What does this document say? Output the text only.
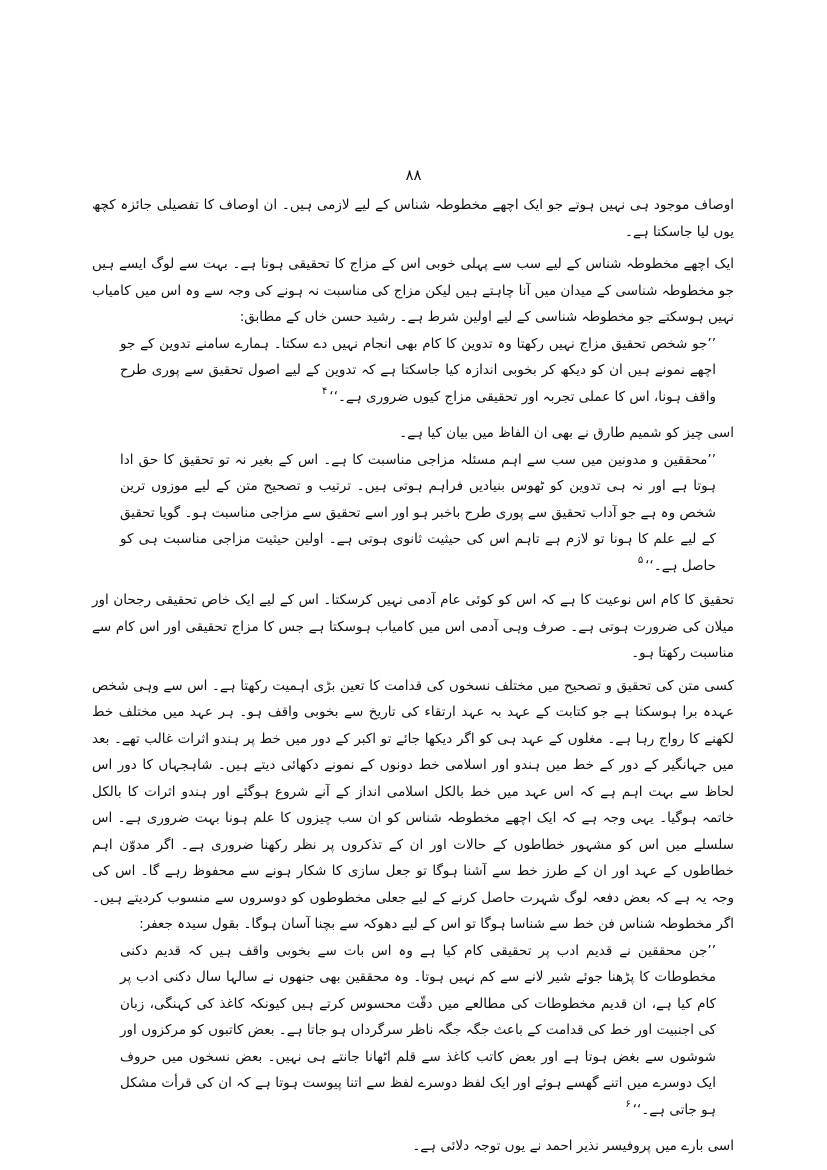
۸۸

اوصاف موجود ہی نہیں ہوتے جو ایک اچھے مخطوطہ شناس کے لیے لازمی ہیں۔ ان اوصاف کا تفصیلی جائزہ کچھ یوں لیا جاسکتا ہے۔

ایک اچھے مخطوطہ شناس کے لیے سب سے پہلی خوبی اس کے مزاج کا تحقیقی ہونا ہے۔ بہت سے لوگ ایسے ہیں جو مخطوطہ شناسی کے میدان میں آنا چاہتے ہیں لیکن مزاج کی مناسبت نہ ہونے کی وجہ سے وہ اس میں کامیاب نہیں ہوسکتے جو مخطوطہ شناسی کے لیے اولین شرط ہے۔ رشید حسن خاں کے مطابق:

’’جو شخص تحقیق مزاج نہیں رکھتا وہ تدوین کا کام بھی انجام نہیں دے سکتا۔ ہمارے سامنے تدوین کے جو اچھے نمونے ہیں ان کو دیکھ کر بخوبی اندازہ کیا جاسکتا ہے کہ تدوین کے لیے اصول تحقیق سے پوری طرح واقف ہونا، اس کا عملی تجربہ اور تحقیقی مزاج کیوں ضروری ہے۔‘‘$^۴$

اسی چیز کو شمیم طارق نے بھی ان الفاظ میں بیان کیا ہے۔

’’محققین و مدونین میں سب سے اہم مسئلہ مزاجی مناسبت کا ہے۔ اس کے بغیر نہ تو تحقیق کا حق ادا ہوتا ہے اور نہ ہی تدوین کو ٹھوس بنیادیں فراہم ہوتی ہیں۔ ترتیب و تصحیح متن کے لیے موزوں ترین شخص وہ ہے جو آداب تحقیق سے پوری طرح باخبر ہو اور اسے تحقیق سے مزاجی مناسبت ہو۔ گویا تحقیق کے لیے علم کا ہونا تو لازم ہے تاہم اس کی حیثیت ثانوی ہوتی ہے۔ اولین حیثیت مزاجی مناسبت ہی کو حاصل ہے۔‘‘$^۵$

تحقیق کا کام اس نوعیت کا ہے کہ اس کو کوئی عام آدمی نہیں کرسکتا۔ اس کے لیے ایک خاص تحقیقی رجحان اور میلان کی ضرورت ہوتی ہے۔ صرف وہی آدمی اس میں کامیاب ہوسکتا ہے جس کا مزاج تحقیقی اور اس کام سے مناسبت رکھتا ہو۔

کسی متن کی تحقیق و تصحیح میں مختلف نسخوں کی قدامت کا تعین بڑی اہمیت رکھتا ہے۔ اس سے وہی شخص عہدہ برا ہوسکتا ہے جو کتابت کے عہد بہ عہد ارتقاء کی تاریخ سے بخوبی واقف ہو۔ ہر عہد میں مختلف خط لکھنے کا رواج رہا ہے۔ مغلوں کے عہد ہی کو اگر دیکھا جائے تو اکبر کے دور میں خط پر ہندو اثرات غالب تھے۔ بعد میں جہانگیر کے دور کے خط میں ہندو اور اسلامی خط دونوں کے نمونے دکھائی دیتے ہیں۔ شاہجہاں کا دور اس لحاظ سے بہت اہم ہے کہ اس عہد میں خط بالکل اسلامی انداز کے آنے شروع ہوگئے اور ہندو اثرات کا بالکل خاتمہ ہوگیا۔ یہی وجہ ہے کہ ایک اچھے مخطوطہ شناس کو ان سب چیزوں کا علم ہونا بہت ضروری ہے۔ اس سلسلے میں اس کو مشہور خطاطوں کے حالات اور ان کے تذکروں پر نظر رکھنا ضروری ہے۔ اگر مدوّن اہم خطاطوں کے عہد اور ان کے طرز خط سے آشنا ہوگا تو جعل سازی کا شکار ہونے سے محفوظ رہے گا۔ اس کی وجہ یہ ہے کہ بعض دفعہ لوگ شہرت حاصل کرنے کے لیے جعلی مخطوطوں کو دوسروں سے منسوب کردیتے ہیں۔ اگر مخطوطہ شناس فن خط سے شناسا ہوگا تو اس کے لیے دھوکہ سے بچنا آسان ہوگا۔ بقول سیدہ جعفر:

’’جن محققین نے قدیم ادب پر تحقیقی کام کیا ہے وہ اس بات سے بخوبی واقف ہیں کہ قدیم دکنی مخطوطات کا پڑھنا جوئے شیر لانے سے کم نہیں ہوتا۔ وہ محققین بھی جنھوں نے سالہا سال دکنی ادب پر کام کیا ہے، ان قدیم مخطوطات کی مطالعے میں دقّت محسوس کرتے ہیں کیونکہ کاغذ کی کہنگی، زبان کی اجنبیت اور خط کی قدامت کے باعث جگہ جگہ ناظر سرگرداں ہو جاتا ہے۔ بعض کاتبوں کو مرکزوں اور شوشوں سے بغض ہوتا ہے اور بعض کاتب کاغذ سے قلم اٹھانا جانتے ہی نہیں۔ بعض نسخوں میں حروف ایک دوسرے میں اتنے گھسے ہوئے اور ایک لفظ دوسرے لفظ سے اتنا پیوست ہوتا ہے کہ ان کی قرأت مشکل ہو جاتی ہے۔‘‘$^۶$

اسی بارے میں پروفیسر نذیر احمد نے یوں توجہ دلائی ہے۔
